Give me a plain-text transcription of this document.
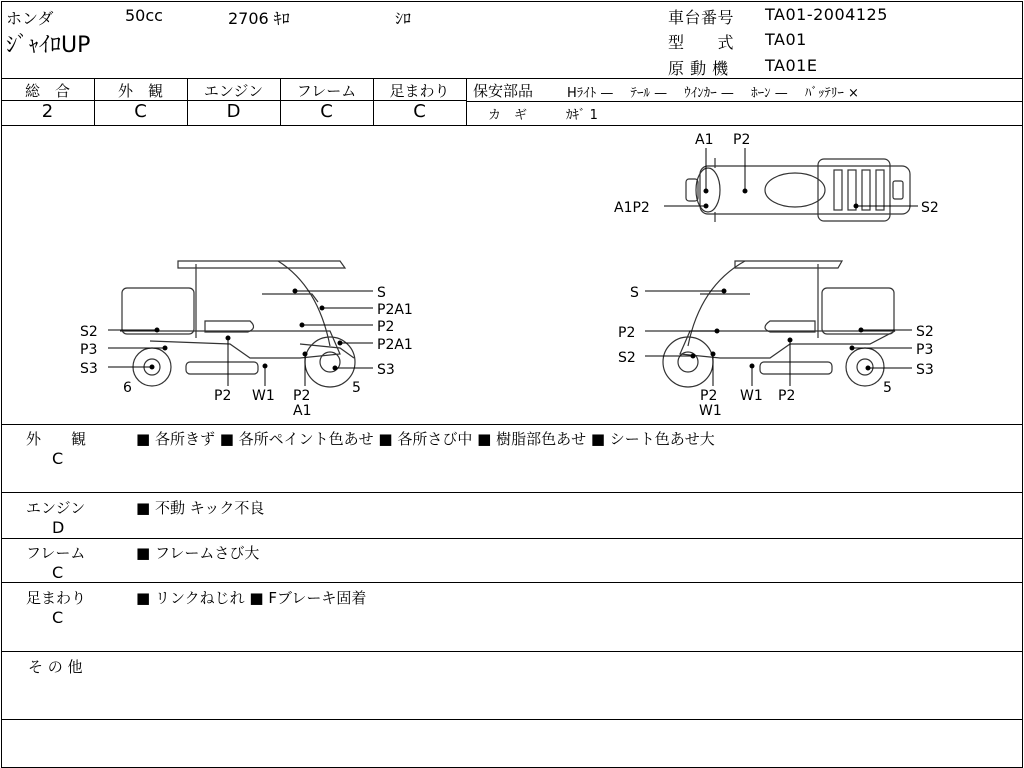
ホンダ	50cc	2706 ｷﾛ	ｼﾛ
ｼﾞｬｲﾛUP
車台番号 TA01-2004125
型　　式 TA01
原 動 機 TA01E
総　合	外　観	エンジン	フレーム	足まわり
2	C	D	C	C
保安部品	Hﾗｲﾄ —　 ﾃｰﾙ —　 ｳｲﾝｶｰ —　 ﾎｰﾝ —　 ﾊﾞｯﾃﾘｰ ×
カ　ギ	ｶｷﾞ 1
A1 P2
A1P2	S2
S
P2A1
P2
P2A1
S3
S2
P3
S3
6	P2 W1 P2
A1
5
S
P2
S2
P2
W1
W1 P2
S2
P3
S3
5
外　　観
C
■ 各所きず ■ 各所ペイント色あせ ■ 各所さび中 ■ 樹脂部色あせ ■ シート色あせ大
エンジン
D
■ 不動 キック不良
フレーム
C
■ フレームさび大
足まわり
C
■ リンクねじれ ■ Fブレーキ固着
そ の 他
